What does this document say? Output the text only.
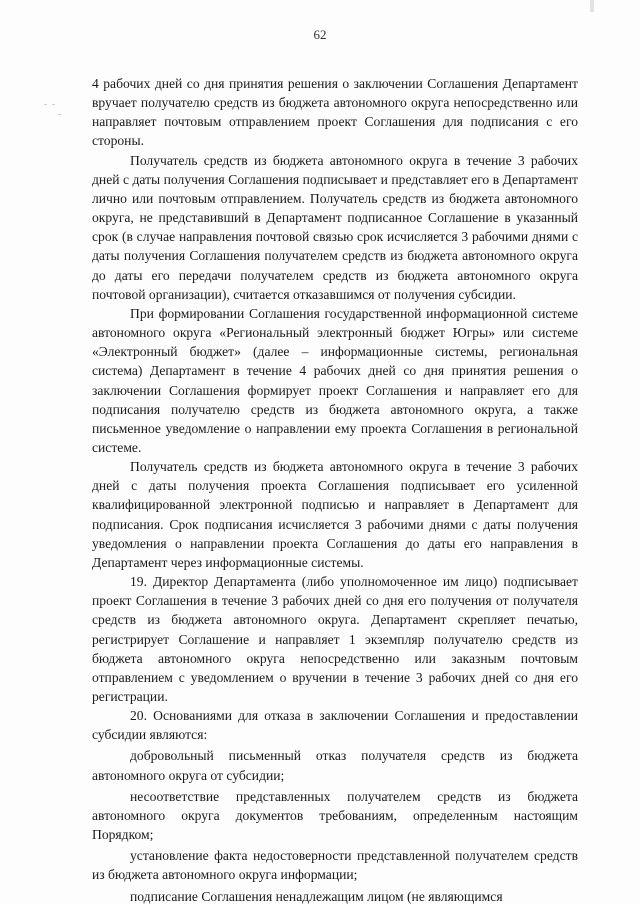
62

4 рабочих дней со дня принятия решения о заключении Соглашения Департамент вручает получателю средств из бюджета автономного округа непосредственно или направляет почтовым отправлением проект Соглашения для подписания с его стороны.

Получатель средств из бюджета автономного округа в течение 3 рабочих дней с даты получения Соглашения подписывает и представляет его в Департамент лично или почтовым отправлением. Получатель средств из бюджета автономного округа, не представивший в Департамент подписанное Соглашение в указанный срок (в случае направления почтовой связью срок исчисляется 3 рабочими днями с даты получения Соглашения получателем средств из бюджета автономного округа до даты его передачи получателем средств из бюджета автономного округа почтовой организации), считается отказавшимся от получения субсидии.

При формировании Соглашения государственной информационной системе автономного округа «Региональный электронный бюджет Югры» или системе «Электронный бюджет» (далее – информационные системы, региональная система) Департамент в течение 4 рабочих дней со дня принятия решения о заключении Соглашения формирует проект Соглашения и направляет его для подписания получателю средств из бюджета автономного округа, а также письменное уведомление о направлении ему проекта Соглашения в региональной системе.

Получатель средств из бюджета автономного округа в течение 3 рабочих дней с даты получения проекта Соглашения подписывает его усиленной квалифицированной электронной подписью и направляет в Департамент для подписания. Срок подписания исчисляется 3 рабочими днями с даты получения уведомления о направлении проекта Соглашения до даты его направления в Департамент через информационные системы.

19. Директор Департамента (либо уполномоченное им лицо) подписывает проект Соглашения в течение 3 рабочих дней со дня его получения от получателя средств из бюджета автономного округа. Департамент скрепляет печатью, регистрирует Соглашение и направляет 1 экземпляр получателю средств из бюджета автономного округа непосредственно или заказным почтовым отправлением с уведомлением о вручении в течение 3 рабочих дней со дня его регистрации.

20. Основаниями для отказа в заключении Соглашения и предоставлении субсидии являются:

добровольный письменный отказ получателя средств из бюджета автономного округа от субсидии;

несоответствие представленных получателем средств из бюджета автономного округа документов требованиям, определенным настоящим Порядком;

установление факта недостоверности представленной получателем средств из бюджета автономного округа информации;

подписание Соглашения ненадлежащим лицом (не являющимся
